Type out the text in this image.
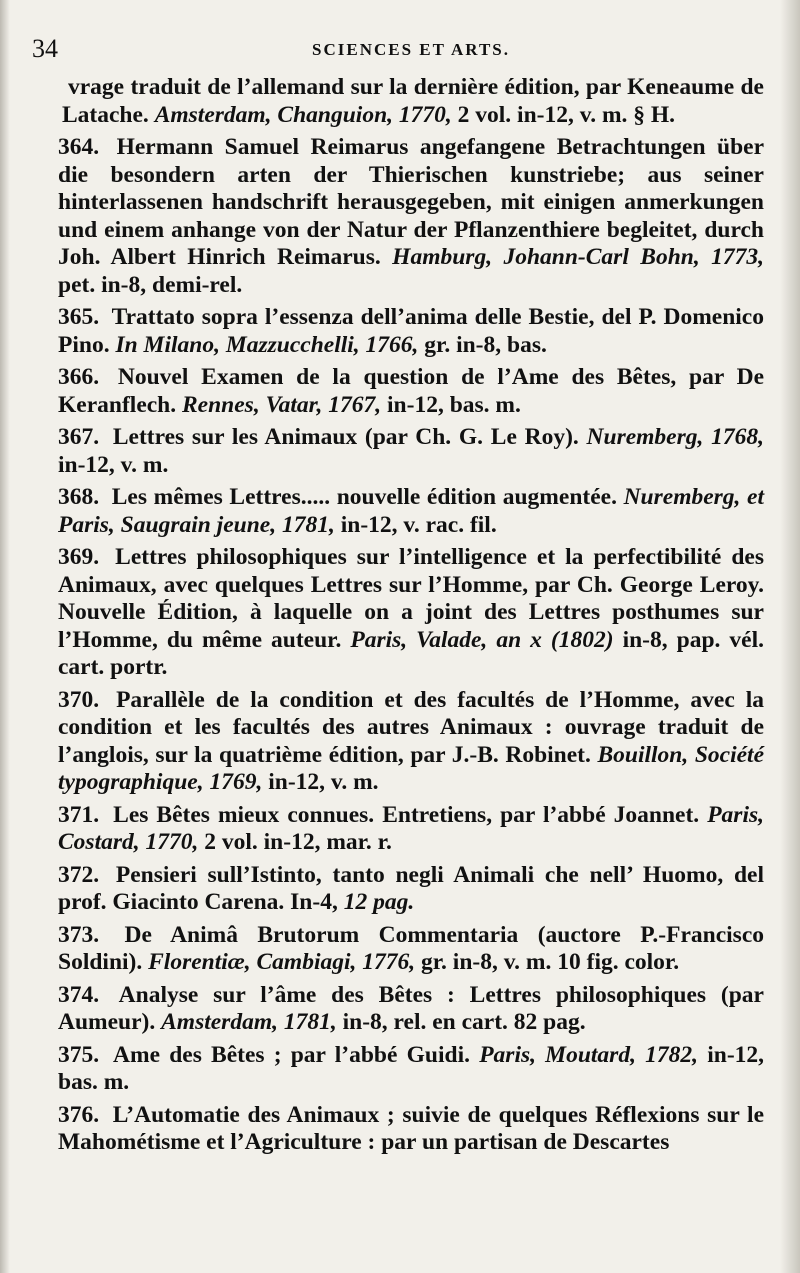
34	SCIENCES ET ARTS.

vrage traduit de l’allemand sur la dernière édition, par Keneaume de Latache. Amsterdam, Changuion, 1770, 2 vol. in-12, v. m. § H.

364. Hermann Samuel Reimarus angefangene Betrachtungen über die besondern arten der Thierischen kunstriebe; aus seiner hinterlassenen handschrift herausgegeben, mit einigen anmerkungen und einem anhange von der Natur der Pflanzenthiere begleitet, durch Joh. Albert Hinrich Reimarus. Hamburg, Johann-Carl Bohn, 1773, pet. in-8, demi-rel.

365. Trattato sopra l’essenza dell’anima delle Bestie, del P. Domenico Pino. In Milano, Mazzucchelli, 1766, gr. in-8, bas.

366. Nouvel Examen de la question de l’Ame des Bêtes, par De Keranflech. Rennes, Vatar, 1767, in-12, bas. m.

367. Lettres sur les Animaux (par Ch. G. Le Roy). Nuremberg, 1768, in-12, v. m.

368. Les mêmes Lettres..... nouvelle édition augmentée. Nuremberg, et Paris, Saugrain jeune, 1781, in-12, v. rac. fil.

369. Lettres philosophiques sur l’intelligence et la perfectibilité des Animaux, avec quelques Lettres sur l’Homme, par Ch. George Leroy. Nouvelle Édition, à laquelle on a joint des Lettres posthumes sur l’Homme, du même auteur. Paris, Valade, an x (1802) in-8, pap. vél. cart. portr.

370. Parallèle de la condition et des facultés de l’Homme, avec la condition et les facultés des autres Animaux : ouvrage traduit de l’anglois, sur la quatrième édition, par J.-B. Robinet. Bouillon, Société typographique, 1769, in-12, v. m.

371. Les Bêtes mieux connues. Entretiens, par l’abbé Joannet. Paris, Costard, 1770, 2 vol. in-12, mar. r.

372. Pensieri sull’Istinto, tanto negli Animali che nell’ Huomo, del prof. Giacinto Carena. In-4, 12 pag.

373. De Animâ Brutorum Commentaria (auctore P.-Francisco Soldini). Florentiæ, Cambiagi, 1776, gr. in-8, v. m. 10 fig. color.

374. Analyse sur l’âme des Bêtes : Lettres philosophiques (par Aumeur). Amsterdam, 1781, in-8, rel. en cart. 82 pag.

375. Ame des Bêtes ; par l’abbé Guidi. Paris, Moutard, 1782, in-12, bas. m.

376. L’Automatie des Animaux ; suivie de quelques Réflexions sur le Mahométisme et l’Agriculture : par un partisan de Descartes
